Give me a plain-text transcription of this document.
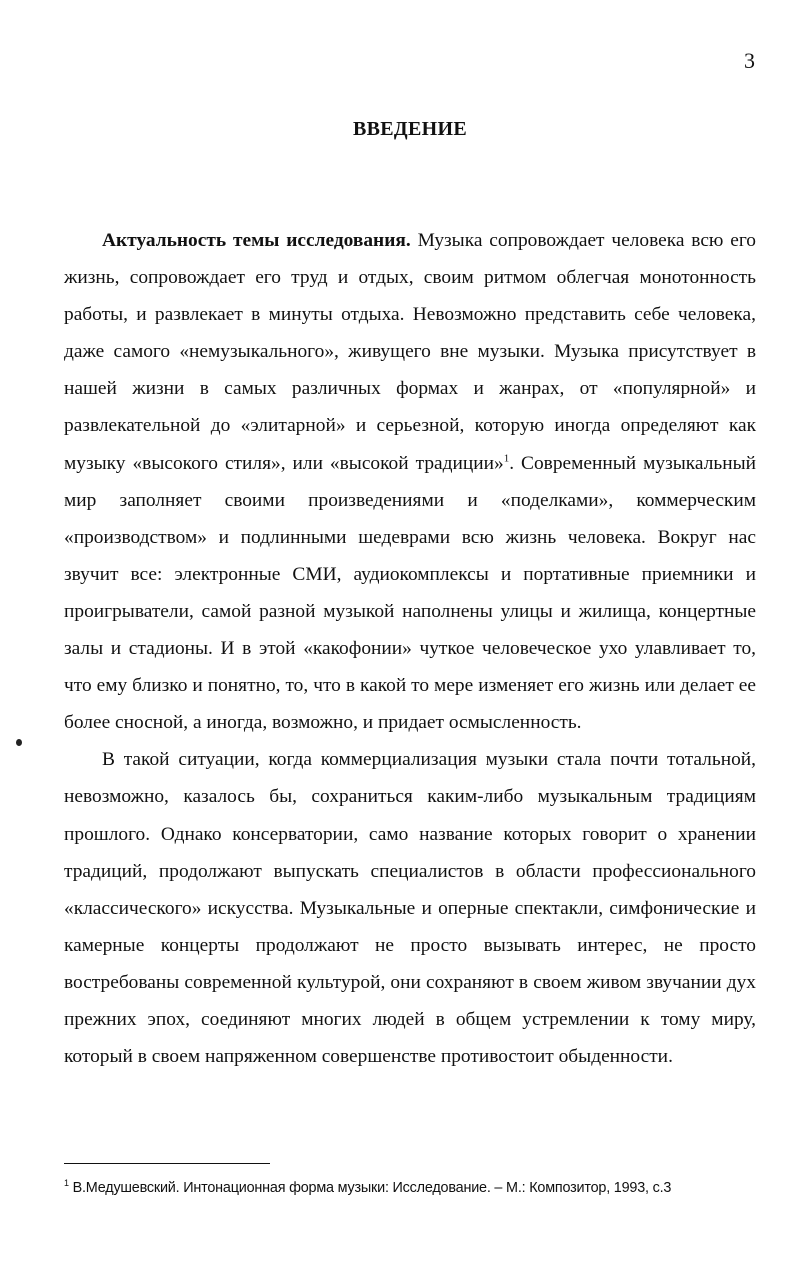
3
ВВЕДЕНИЕ

Актуальность темы исследования. Музыка сопровождает человека всю его жизнь, сопровождает его труд и отдых, своим ритмом облегчая монотонность работы, и развлекает в минуты отдыха. Невозможно представить себе человека, даже самого «немузыкального», живущего вне музыки. Музыка присутствует в нашей жизни в самых различных формах и жанрах, от «популярной» и развлекательной до «элитарной» и серьезной, которую иногда определяют как музыку «высокого стиля», или «высокой традиции»$^1$. Современный музыкальный мир заполняет своими произведениями и «поделками», коммерческим «производством» и подлинными шедеврами всю жизнь человека. Вокруг нас звучит все: электронные СМИ, аудиокомплексы и портативные приемники и проигрыватели, самой разной музыкой наполнены улицы и жилища, концертные залы и стадионы. И в этой «какофонии» чуткое человеческое ухо улавливает то, что ему близко и понятно, то, что в какой то мере изменяет его жизнь или делает ее более сносной, а иногда, возможно, и придает осмысленность.

В такой ситуации, когда коммерциализация музыки стала почти тотальной, невозможно, казалось бы, сохраниться каким-либо музыкальным традициям прошлого. Однако консерватории, само название которых говорит о хранении традиций, продолжают выпускать специалистов в области профессионального «классического» искусства. Музыкальные и оперные спектакли, симфонические и камерные концерты продолжают не просто вызывать интерес, не просто востребованы современной культурой, они сохраняют в своем живом звучании дух прежних эпох, соединяют многих людей в общем устремлении к тому миру, который в своем напряженном совершенстве противостоит обыденности.

$^1$ В.Медушевский. Интонационная форма музыки: Исследование. – М.: Композитор, 1993, с.3
